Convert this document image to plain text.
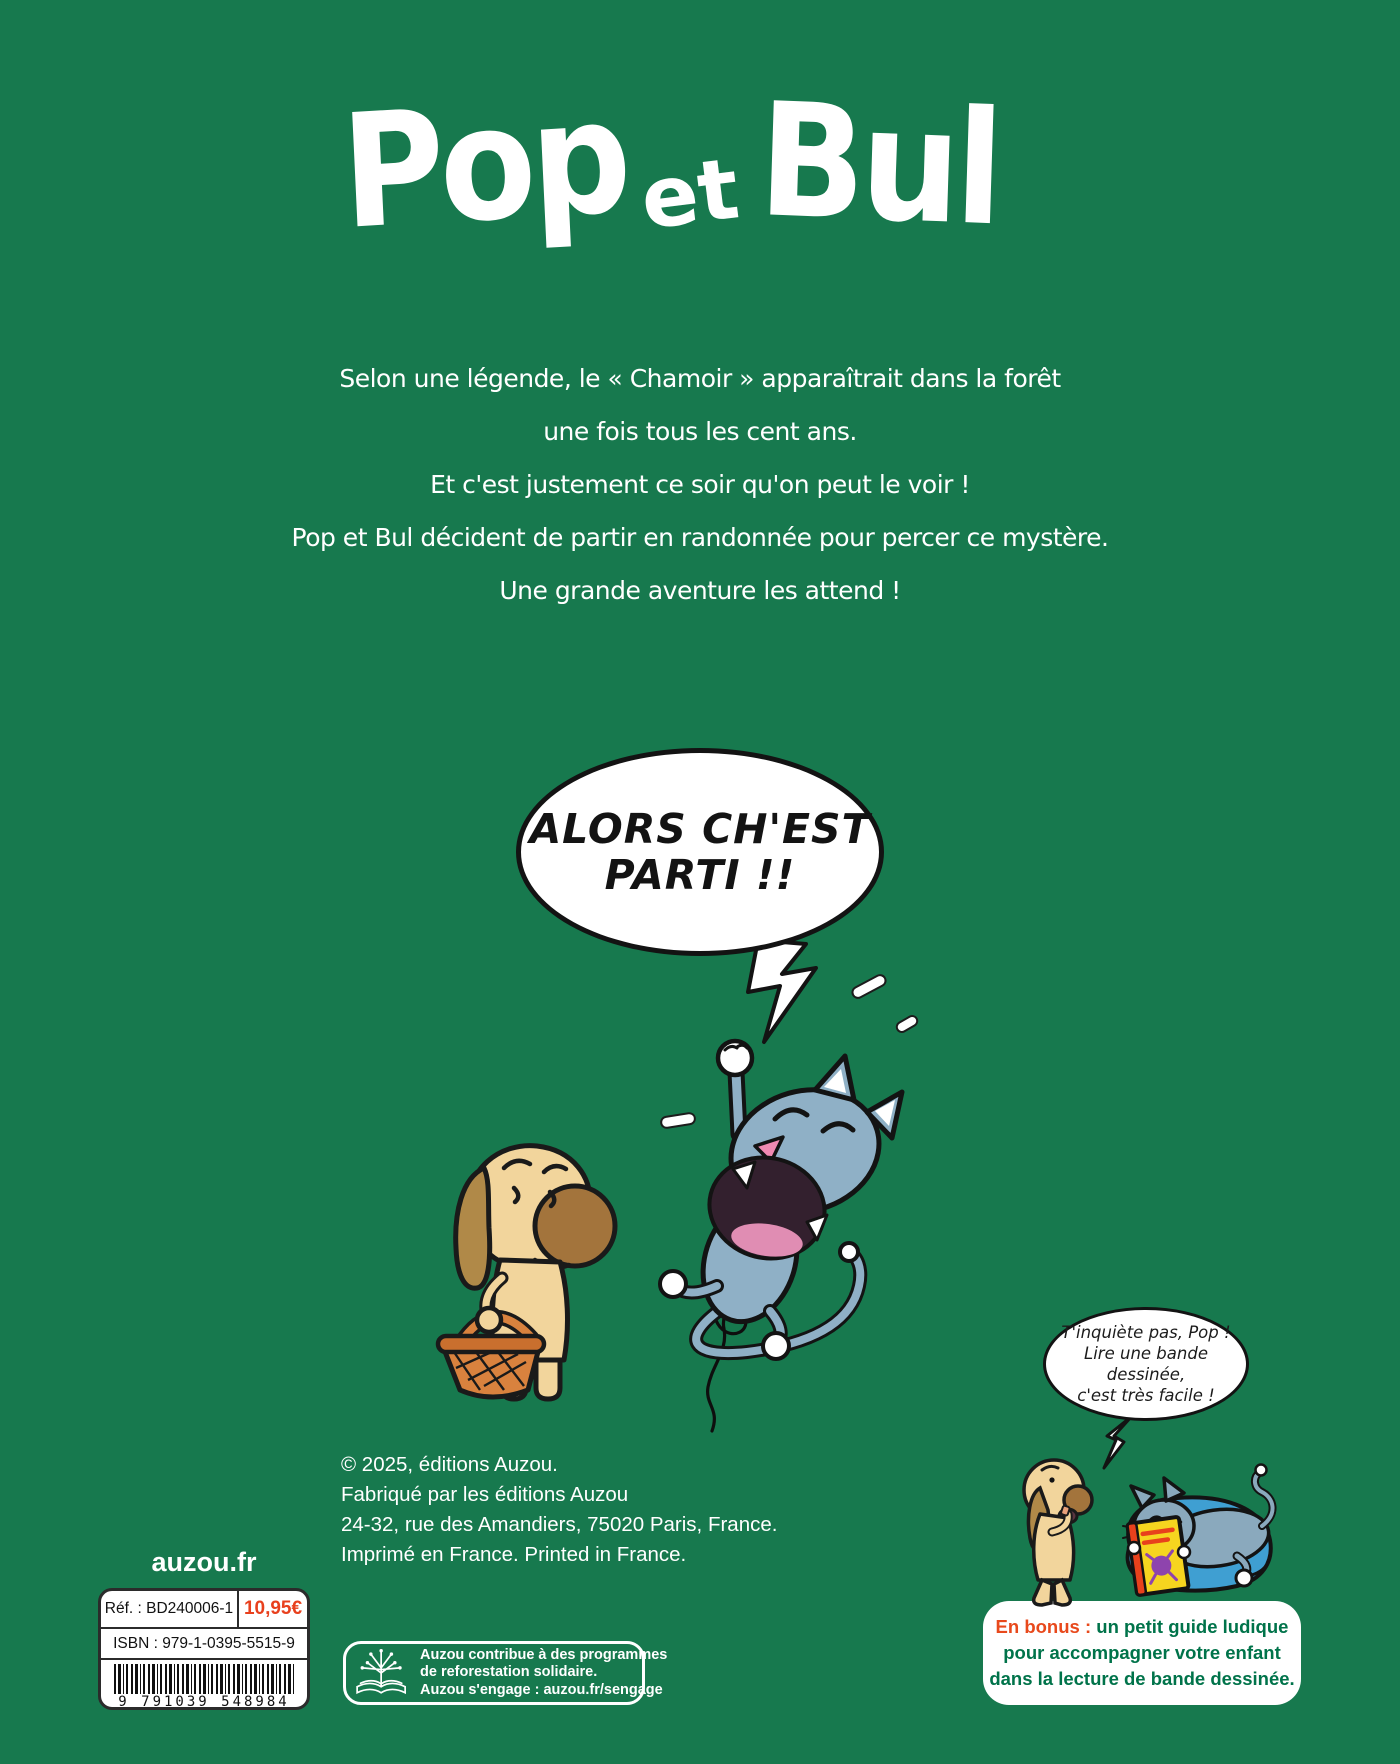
PopetBul
Selon une légende, le « Chamoir » apparaîtrait dans la forêt
une fois tous les cent ans.
Et c'est justement ce soir qu'on peut le voir !
Pop et Bul décident de partir en randonnée pour percer ce mystère.
Une grande aventure les attend !
ALORS CH'EST
PARTI !!
auzou.fr
Réf. : BD240006-1 10,95€
ISBN : 979-1-0395-5515-9
9 791039 548984
© 2025, éditions Auzou.
Fabriqué par les éditions Auzou
24-32, rue des Amandiers, 75020 Paris, France.
Imprimé en France. Printed in France.
Auzou contribue à des programmes
de reforestation solidaire.
Auzou s'engage : auzou.fr/sengage
T'inquiète pas, Pop !
Lire une bande dessinée,
c'est très facile !
En bonus : un petit guide ludique
pour accompagner votre enfant
dans la lecture de bande dessinée.
